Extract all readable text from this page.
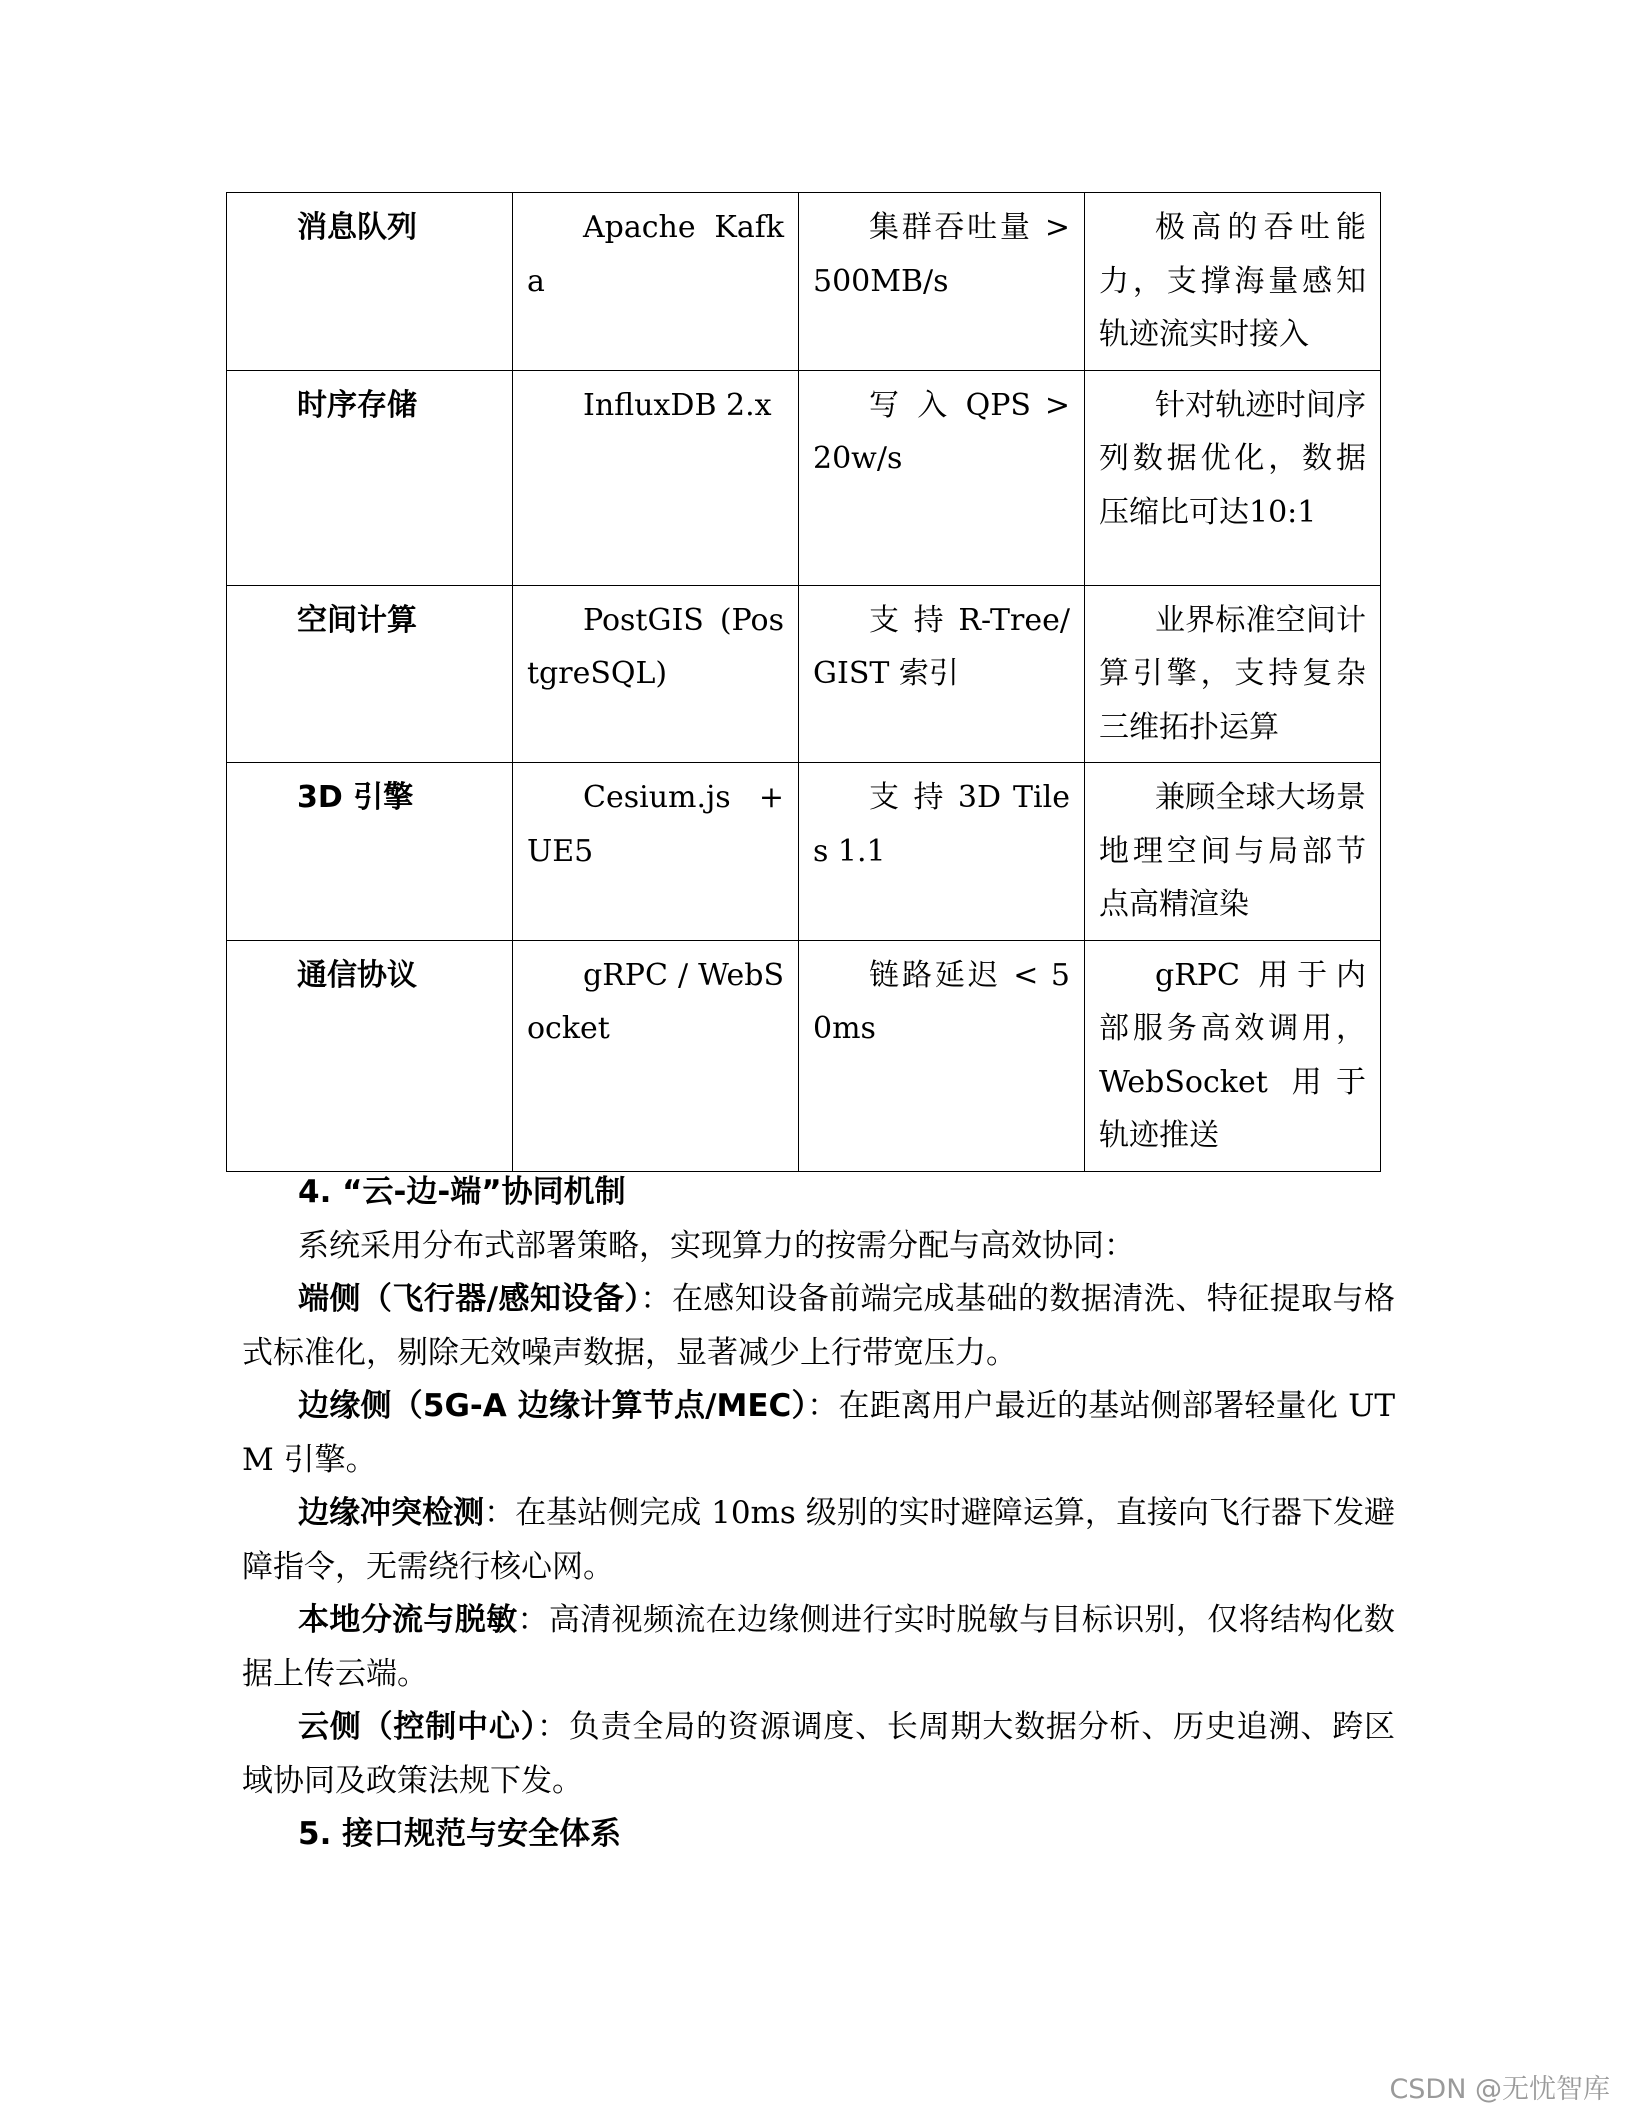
消息队列	Apache Kafka	集群吞吐量 > 500MB/s	极高的吞吐能力，支撑海量感知轨迹流实时接入

时序存储	InfluxDB 2.x	写 入 QPS > 20w/s	针对轨迹时间序列数据优化，数据压缩比可达10:1

空间计算	PostGIS (PostgreSQL)	支 持 R-Tree/GIST 索引	业界标准空间计算引擎，支持复杂三维拓扑运算

3D 引擎	Cesium.js + UE5	支 持 3D Tiles 1.1	兼顾全球大场景地理空间与局部节点高精渲染

通信协议	gRPC / WebSocket	链路延迟 < 50ms	gRPC 用于内部服务高效调用，WebSocket 用于轨迹推送

4. “云-边-端”协同机制

系统采用分布式部署策略，实现算力的按需分配与高效协同：

端侧（飞行器/感知设备）：在感知设备前端完成基础的数据清洗、特征提取与格式标准化，剔除无效噪声数据，显著减少上行带宽压力。

边缘侧（5G-A 边缘计算节点/MEC）：在距离用户最近的基站侧部署轻量化 UTM 引擎。

边缘冲突检测：在基站侧完成 10ms 级别的实时避障运算，直接向飞行器下发避障指令，无需绕行核心网。

本地分流与脱敏：高清视频流在边缘侧进行实时脱敏与目标识别，仅将结构化数据上传云端。

云侧（控制中心）：负责全局的资源调度、长周期大数据分析、历史追溯、跨区域协同及政策法规下发。

5. 接口规范与安全体系

CSDN @无忧智库
